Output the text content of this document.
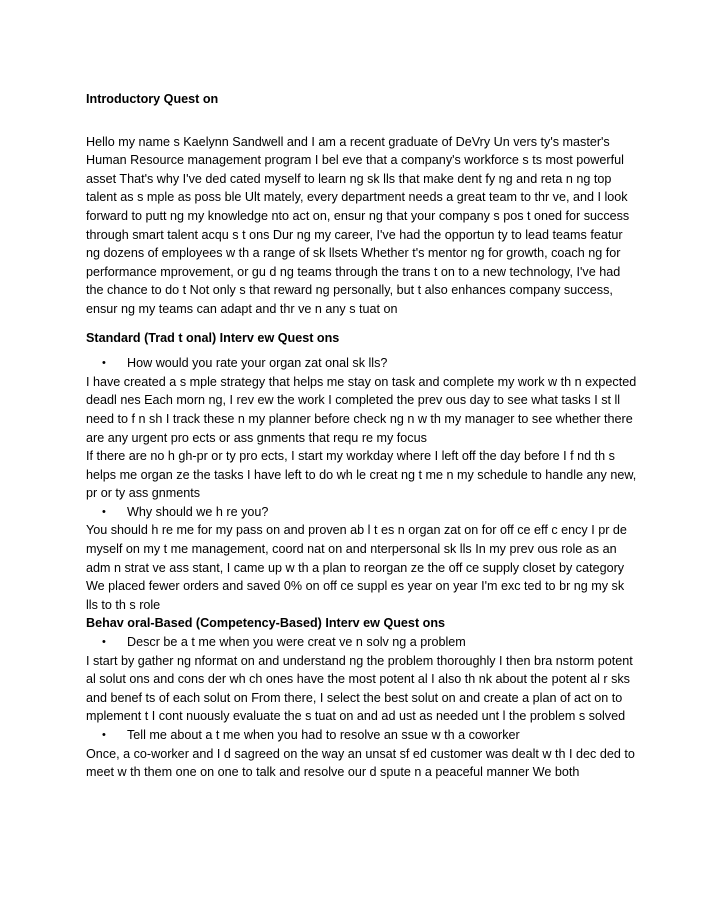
Introductory Quest on

Hello my name s Kaelynn Sandwell and I am a recent graduate of DeVry Un vers ty's master's Human Resource management program I bel eve that a company's workforce s ts most powerful asset That's why I've ded cated myself to learn ng sk lls that make dent fy ng and reta n ng top talent as s mple as poss ble Ult mately, every department needs a great team to thr ve, and I look forward to putt ng my knowledge nto act on, ensur ng that your company s pos t oned for success through smart talent acqu s t ons Dur ng my career, I've had the opportun ty to lead teams featur ng dozens of employees w th a range of sk llsets Whether t's mentor ng for growth, coach ng for performance mprovement, or gu d ng teams through the trans t on to a new technology, I've had the chance to do t Not only s that reward ng personally, but t also enhances company success, ensur ng my teams can adapt and thr ve n any s tuat on

Standard (Trad t onal) Interv ew Quest ons

• How would you rate your organ zat onal sk lls?

I have created a s mple strategy that helps me stay on task and complete my work w th n expected deadl nes Each morn ng, I rev ew the work I completed the prev ous day to see what tasks I st ll need to f n sh I track these n my planner before check ng n w th my manager to see whether there are any urgent pro ects or ass gnments that requ re my focus

If there are no h gh-pr or ty pro ects, I start my workday where I left off the day before I f nd th s helps me organ ze the tasks I have left to do wh le creat ng t me n my schedule to handle any new, pr or ty ass gnments

• Why should we h re you?

You should h re me for my pass on and proven ab l t es n organ zat on for off ce eff c ency I pr de myself on my t me management, coord nat on and nterpersonal sk lls In my prev ous role as an adm n strat ve ass stant, I came up w th a plan to reorgan ze the off ce supply closet by category We placed fewer orders and saved 0% on off ce suppl es year on year I'm exc ted to br ng my sk lls to th s role

Behav oral-Based (Competency-Based) Interv ew Quest ons

• Descr be a t me when you were creat ve n solv ng a problem

I start by gather ng nformat on and understand ng the problem thoroughly I then bra nstorm potent al solut ons and cons der wh ch ones have the most potent al I also th nk about the potent al r sks and benef ts of each solut on From there, I select the best solut on and create a plan of act on to mplement t I cont nuously evaluate the s tuat on and ad ust as needed unt l the problem s solved

• Tell me about a t me when you had to resolve an ssue w th a coworker

Once, a co-worker and I d sagreed on the way an unsat sf ed customer was dealt w th I dec ded to meet w th them one on one to talk and resolve our d spute n a peaceful manner We both
